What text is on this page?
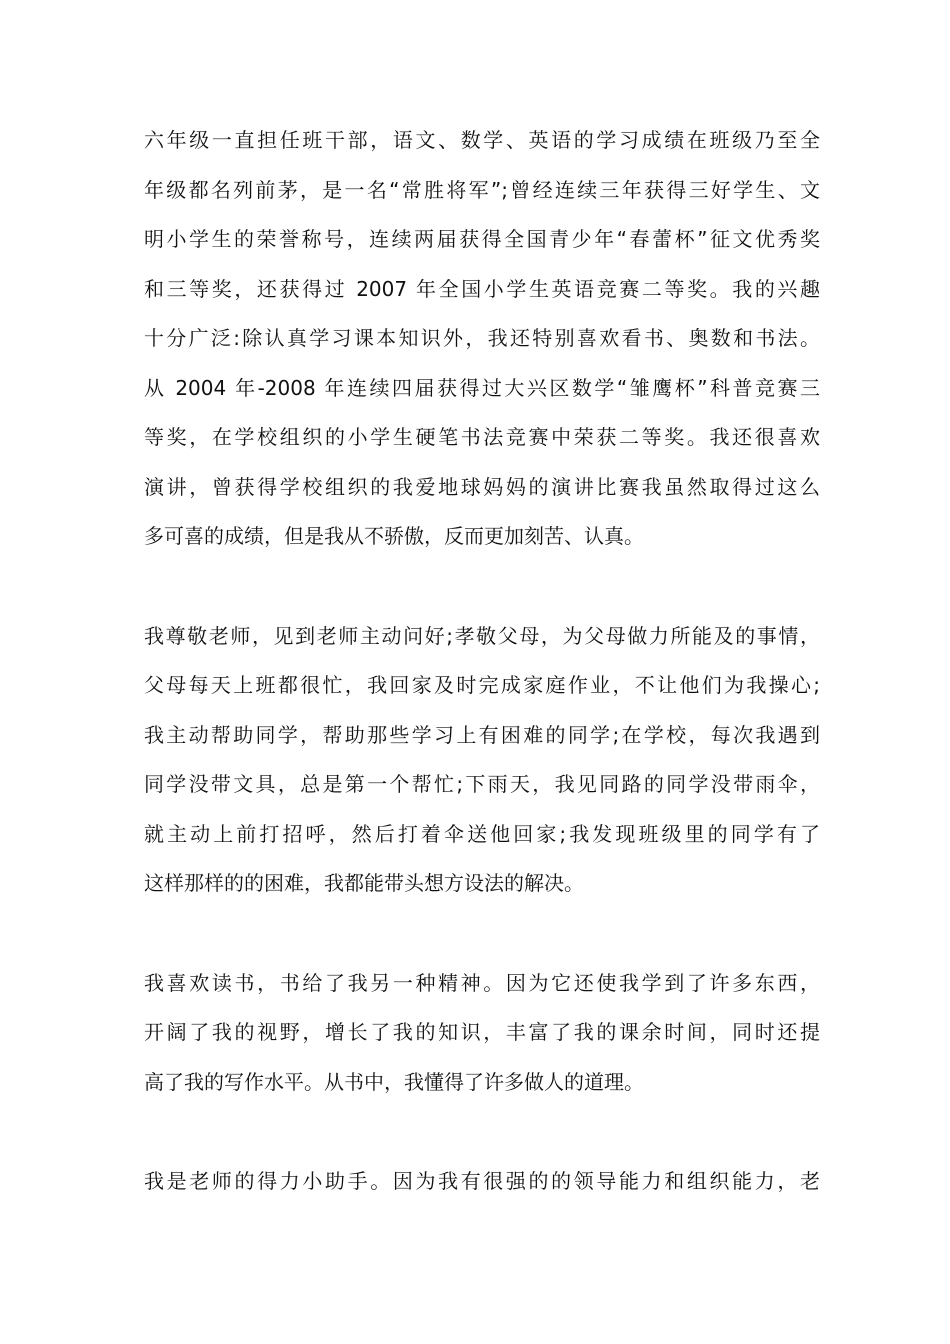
六年级一直担任班干部，语文、数学、英语的学习成绩在班级乃至全
年级都名列前茅，是一名“常胜将军”;曾经连续三年获得三好学生、文
明小学生的荣誉称号，连续两届获得全国青少年“春蕾杯”征文优秀奖
和三等奖，还获得过 2007 年全国小学生英语竞赛二等奖。我的兴趣
十分广泛:除认真学习课本知识外，我还特别喜欢看书、奥数和书法。
从 2004 年-2008 年连续四届获得过大兴区数学“雏鹰杯”科普竞赛三
等奖，在学校组织的小学生硬笔书法竞赛中荣获二等奖。我还很喜欢
演讲，曾获得学校组织的我爱地球妈妈的演讲比赛我虽然取得过这么
多可喜的成绩，但是我从不骄傲，反而更加刻苦、认真。
我尊敬老师，见到老师主动问好;孝敬父母，为父母做力所能及的事情，
父母每天上班都很忙，我回家及时完成家庭作业，不让他们为我操心;
我主动帮助同学，帮助那些学习上有困难的同学;在学校，每次我遇到
同学没带文具，总是第一个帮忙;下雨天，我见同路的同学没带雨伞，
就主动上前打招呼，然后打着伞送他回家;我发现班级里的同学有了
这样那样的的困难，我都能带头想方设法的解决。
我喜欢读书，书给了我另一种精神。因为它还使我学到了许多东西，
开阔了我的视野，增长了我的知识，丰富了我的课余时间，同时还提
高了我的写作水平。从书中，我懂得了许多做人的道理。
我是老师的得力小助手。因为我有很强的的领导能力和组织能力，老
